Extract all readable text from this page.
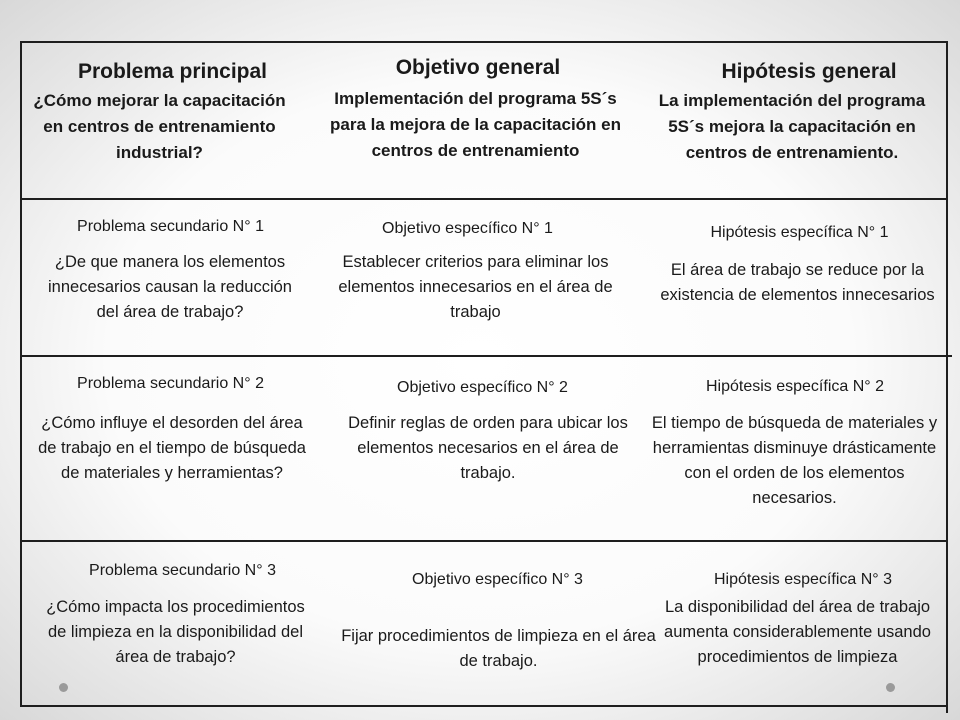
Problema principal
¿Cómo mejorar la capacitación en centros de entrenamiento industrial?
Objetivo general
Implementación del programa 5S´s para la mejora de la capacitación en centros de entrenamiento
Hipótesis general
La implementación del programa 5S´s mejora la capacitación en centros de entrenamiento.
Problema secundario N° 1
¿De que manera los elementos innecesarios causan la reducción del área de trabajo?
Objetivo específico N° 1
Establecer criterios para eliminar los elementos innecesarios en el área de trabajo
Hipótesis específica N° 1
El área de trabajo se reduce por la existencia de elementos innecesarios
Problema secundario N° 2
¿Cómo influye el desorden del área de trabajo en el tiempo de búsqueda de materiales y herramientas?
Objetivo específico N° 2
Definir reglas de orden para ubicar los elementos necesarios en el área de trabajo.
Hipótesis específica N° 2
El tiempo de búsqueda de materiales y herramientas disminuye drásticamente con el orden de los elementos necesarios.
Problema secundario N° 3
¿Cómo impacta los procedimientos de limpieza en la disponibilidad del área de trabajo?
Objetivo específico N° 3
Fijar procedimientos de limpieza en el área de trabajo.
Hipótesis específica N° 3
La disponibilidad del área de trabajo aumenta considerablemente usando procedimientos de limpieza
